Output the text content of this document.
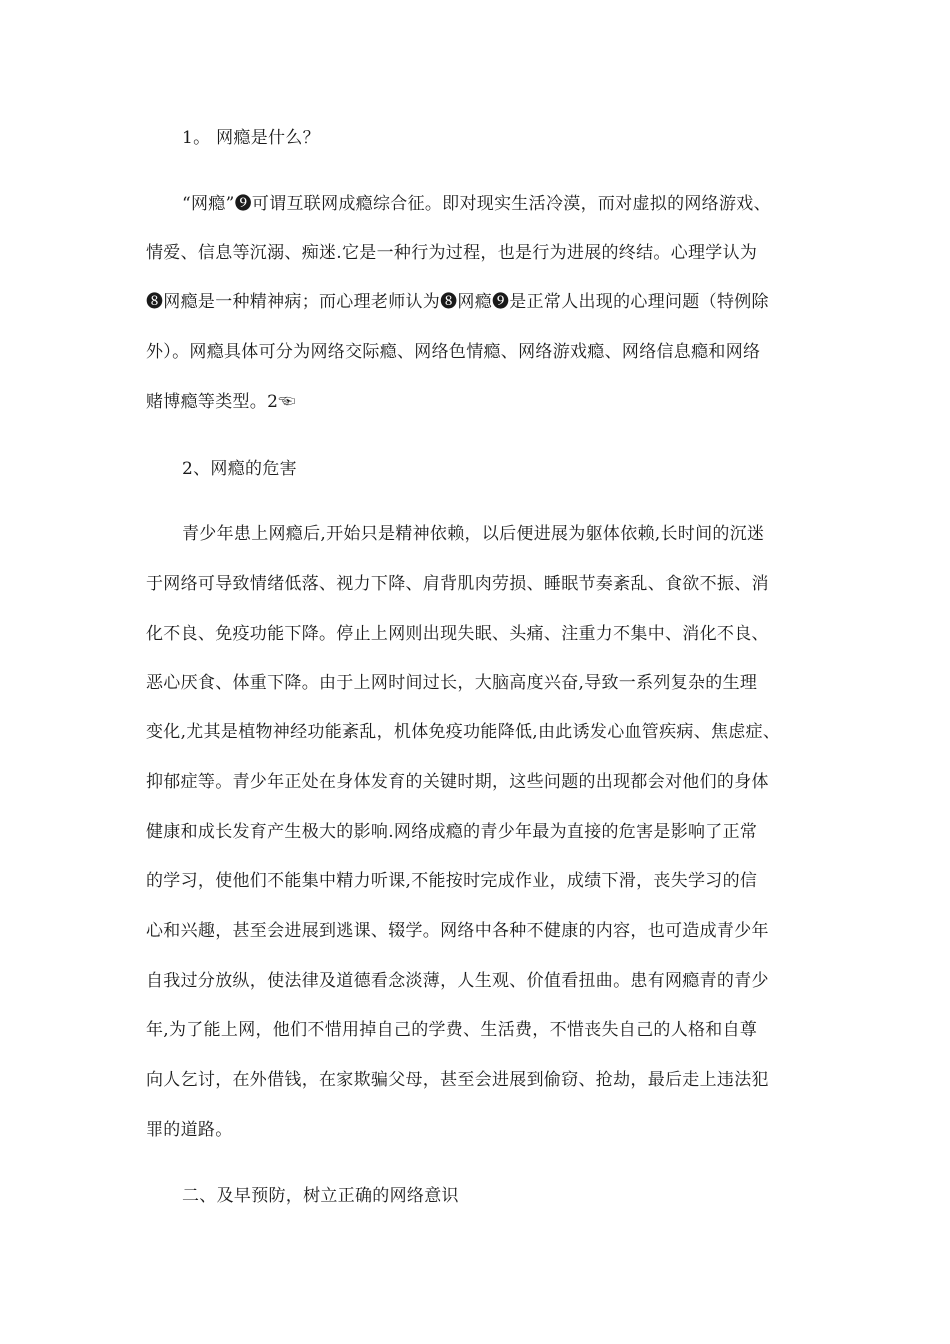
1。 网瘾是什么？
“网瘾”❾可谓互联网成瘾综合征。即对现实生活冷漠，而对虚拟的网络游戏、
情爱、信息等沉溺、痴迷.它是一种行为过程，也是行为进展的终结。心理学认为
❽网瘾是一种精神病；而心理老师认为❽网瘾❾是正常人出现的心理问题（特例除
外）。网瘾具体可分为网络交际瘾、网络色情瘾、网络游戏瘾、网络信息瘾和网络
赌博瘾等类型。2☜
2、网瘾的危害
青少年患上网瘾后,开始只是精神依赖，以后便进展为躯体依赖,长时间的沉迷
于网络可导致情绪低落、视力下降、肩背肌肉劳损、睡眠节奏紊乱、食欲不振、消
化不良、免疫功能下降。停止上网则出现失眠、头痛、注重力不集中、消化不良、
恶心厌食、体重下降。由于上网时间过长，大脑高度兴奋,导致一系列复杂的生理
变化,尤其是植物神经功能紊乱，机体免疫功能降低,由此诱发心血管疾病、焦虑症、
抑郁症等。青少年正处在身体发育的关键时期，这些问题的出现都会对他们的身体
健康和成长发育产生极大的影响.网络成瘾的青少年最为直接的危害是影响了正常
的学习，使他们不能集中精力听课,不能按时完成作业，成绩下滑，丧失学习的信
心和兴趣，甚至会进展到逃课、辍学。网络中各种不健康的内容，也可造成青少年
自我过分放纵，使法律及道德看念淡薄，人生观、价值看扭曲。患有网瘾青的青少
年,为了能上网，他们不惜用掉自己的学费、生活费，不惜丧失自己的人格和自尊
向人乞讨，在外借钱，在家欺骗父母，甚至会进展到偷窃、抢劫，最后走上违法犯
罪的道路。
二、及早预防，树立正确的网络意识
